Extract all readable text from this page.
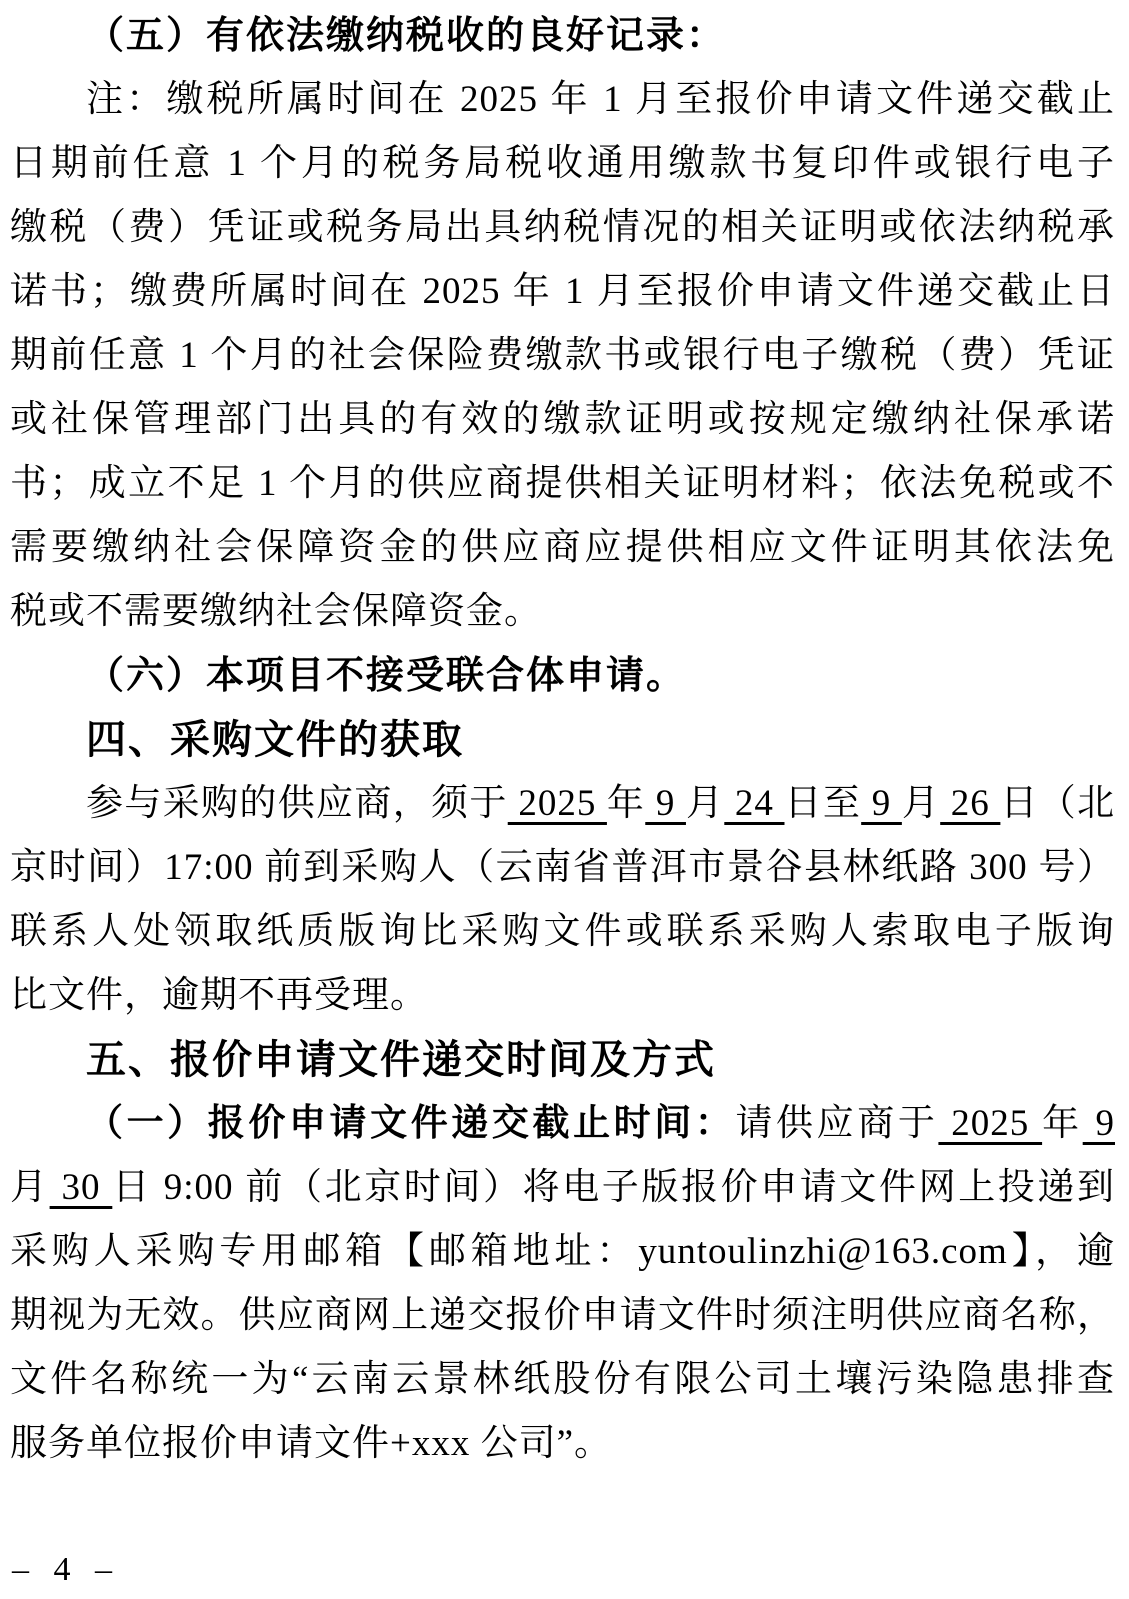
（五）有依法缴纳税收的良好记录：
注：缴税所属时间在 2025 年 1 月至报价申请文件递交截止
日期前任意 1 个月的税务局税收通用缴款书复印件或银行电子
缴税（费）凭证或税务局出具纳税情况的相关证明或依法纳税承
诺书；缴费所属时间在 2025 年 1 月至报价申请文件递交截止日
期前任意 1 个月的社会保险费缴款书或银行电子缴税（费）凭证
或社保管理部门出具的有效的缴款证明或按规定缴纳社保承诺
书；成立不足 1 个月的供应商提供相关证明材料；依法免税或不
需要缴纳社会保障资金的供应商应提供相应文件证明其依法免
税或不需要缴纳社会保障资金。
（六）本项目不接受联合体申请。
四、采购文件的获取
参与采购的供应商，须于 2025 年 9 月 24 日至 9 月 26 日（北
京时间）17:00 前到采购人（云南省普洱市景谷县林纸路 300 号）
联系人处领取纸质版询比采购文件或联系采购人索取电子版询
比文件，逾期不再受理。
五、报价申请文件递交时间及方式
（一）报价申请文件递交截止时间：请供应商于 2025 年 9
月 30 日 9:00 前（北京时间）将电子版报价申请文件网上投递到
采购人采购专用邮箱【邮箱地址：yuntoulinzhi@163.com】，逾
期视为无效。供应商网上递交报价申请文件时须注明供应商名称，
文件名称统一为“云南云景林纸股份有限公司土壤污染隐患排查
服务单位报价申请文件+xxx 公司”。
– 4 –
